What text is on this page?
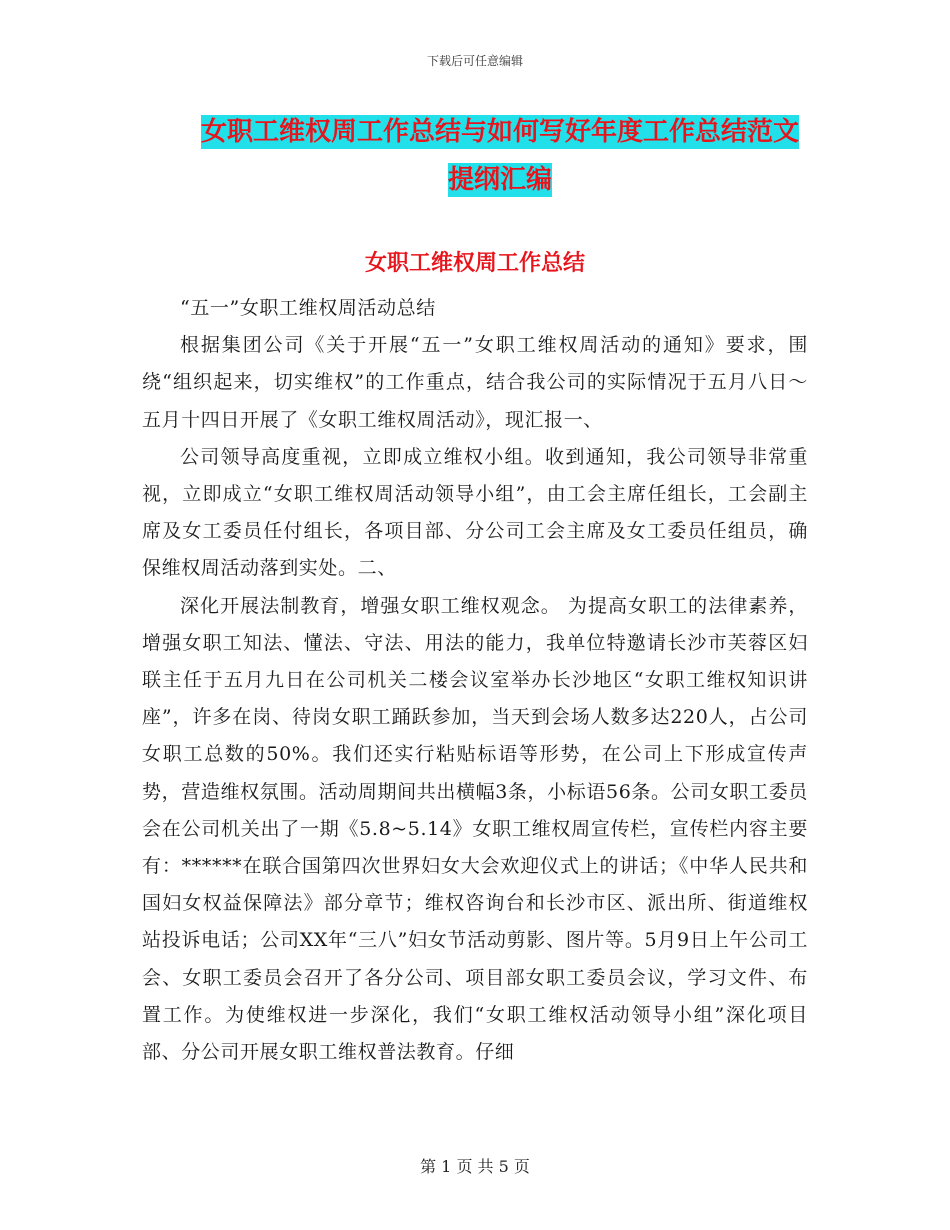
下载后可任意编辑
女职工维权周工作总结与如何写好年度工作总结范文
提纲汇编
女职工维权周工作总结

“五一”女职工维权周活动总结

根据集团公司《关于开展“五一”女职工维权周活动的通知》要求，围绕“组织起来，切实维权”的工作重点，结合我公司的实际情况于五月八日～五月十四日开展了《女职工维权周活动》，现汇报一、

公司领导高度重视，立即成立维权小组。收到通知，我公司领导非常重视，立即成立“女职工维权周活动领导小组”，由工会主席任组长，工会副主席及女工委员任付组长，各项目部、分公司工会主席及女工委员任组员，确保维权周活动落到实处。二、

深化开展法制教育，增强女职工维权观念。 为提高女职工的法律素养，增强女职工知法、懂法、守法、用法的能力，我单位特邀请长沙市芙蓉区妇联主任于五月九日在公司机关二楼会议室举办长沙地区“女职工维权知识讲座”，许多在岗、待岗女职工踊跃参加，当天到会场人数多达220人，占公司女职工总数的50%。我们还实行粘贴标语等形势，在公司上下形成宣传声势，营造维权氛围。活动周期间共出横幅3条，小标语56条。公司女职工委员会在公司机关出了一期《5.8~5.14》女职工维权周宣传栏，宣传栏内容主要有：******在联合国第四次世界妇女大会欢迎仪式上的讲话；《中华人民共和国妇女权益保障法》部分章节；维权咨询台和长沙市区、派出所、街道维权站投诉电话；公司XX年“三八”妇女节活动剪影、图片等。5月9日上午公司工会、女职工委员会召开了各分公司、项目部女职工委员会议，学习文件、布置工作。为使维权进一步深化，我们“女职工维权活动领导小组”深化项目部、分公司开展女职工维权普法教育。仔细

第 1 页 共 5 页
